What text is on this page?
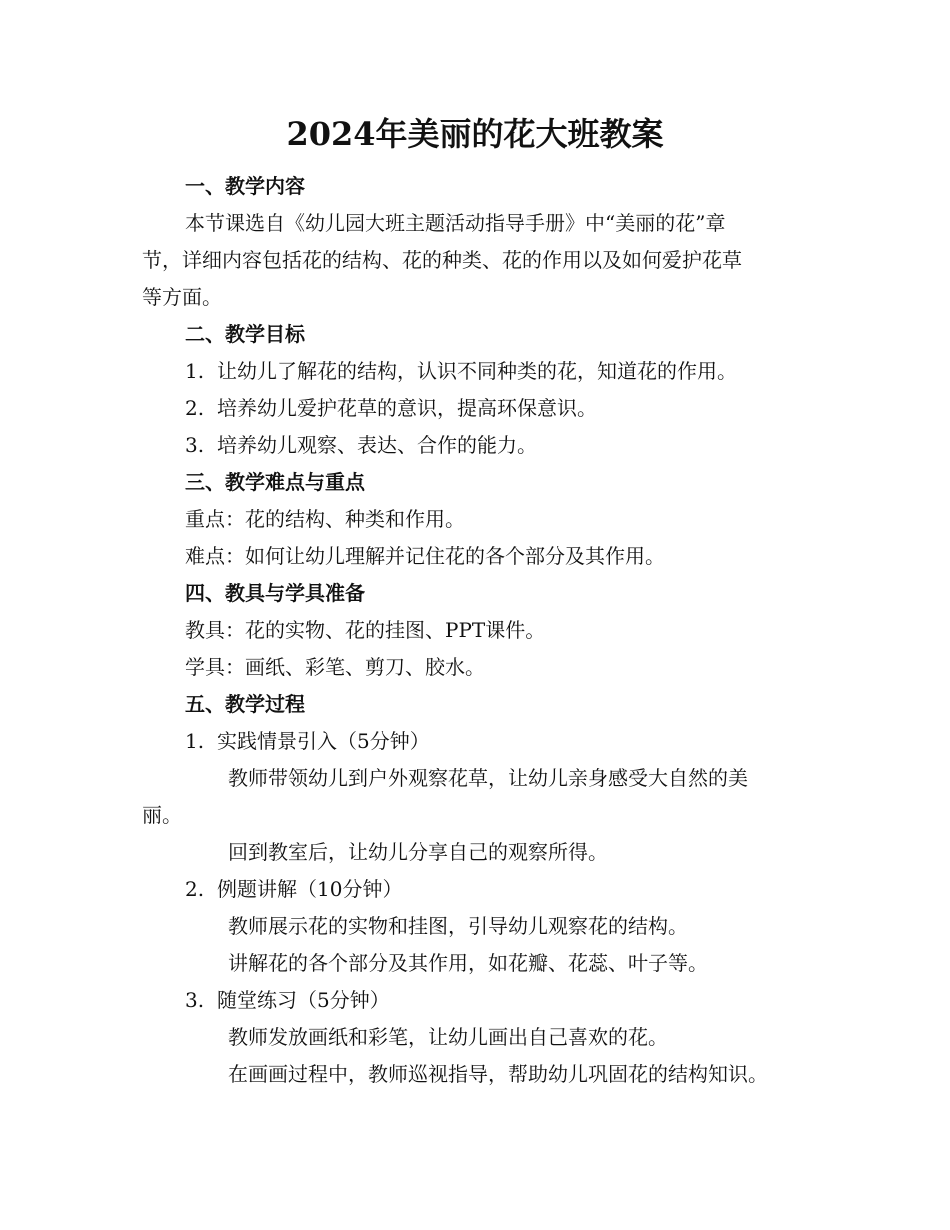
2024年美丽的花大班教案
一、教学内容
本节课选自《幼儿园大班主题活动指导手册》中“美丽的花”章
节，详细内容包括花的结构、花的种类、花的作用以及如何爱护花草
等方面。
二、教学目标
1. 让幼儿了解花的结构，认识不同种类的花，知道花的作用。
2. 培养幼儿爱护花草的意识，提高环保意识。
3. 培养幼儿观察、表达、合作的能力。
三、教学难点与重点
重点：花的结构、种类和作用。
难点：如何让幼儿理解并记住花的各个部分及其作用。
四、教具与学具准备
教具：花的实物、花的挂图、PPT课件。
学具：画纸、彩笔、剪刀、胶水。
五、教学过程
1. 实践情景引入（5分钟）
教师带领幼儿到户外观察花草，让幼儿亲身感受大自然的美
丽。
回到教室后，让幼儿分享自己的观察所得。
2. 例题讲解（10分钟）
教师展示花的实物和挂图，引导幼儿观察花的结构。
讲解花的各个部分及其作用，如花瓣、花蕊、叶子等。
3. 随堂练习（5分钟）
教师发放画纸和彩笔，让幼儿画出自己喜欢的花。
在画画过程中，教师巡视指导，帮助幼儿巩固花的结构知识。
